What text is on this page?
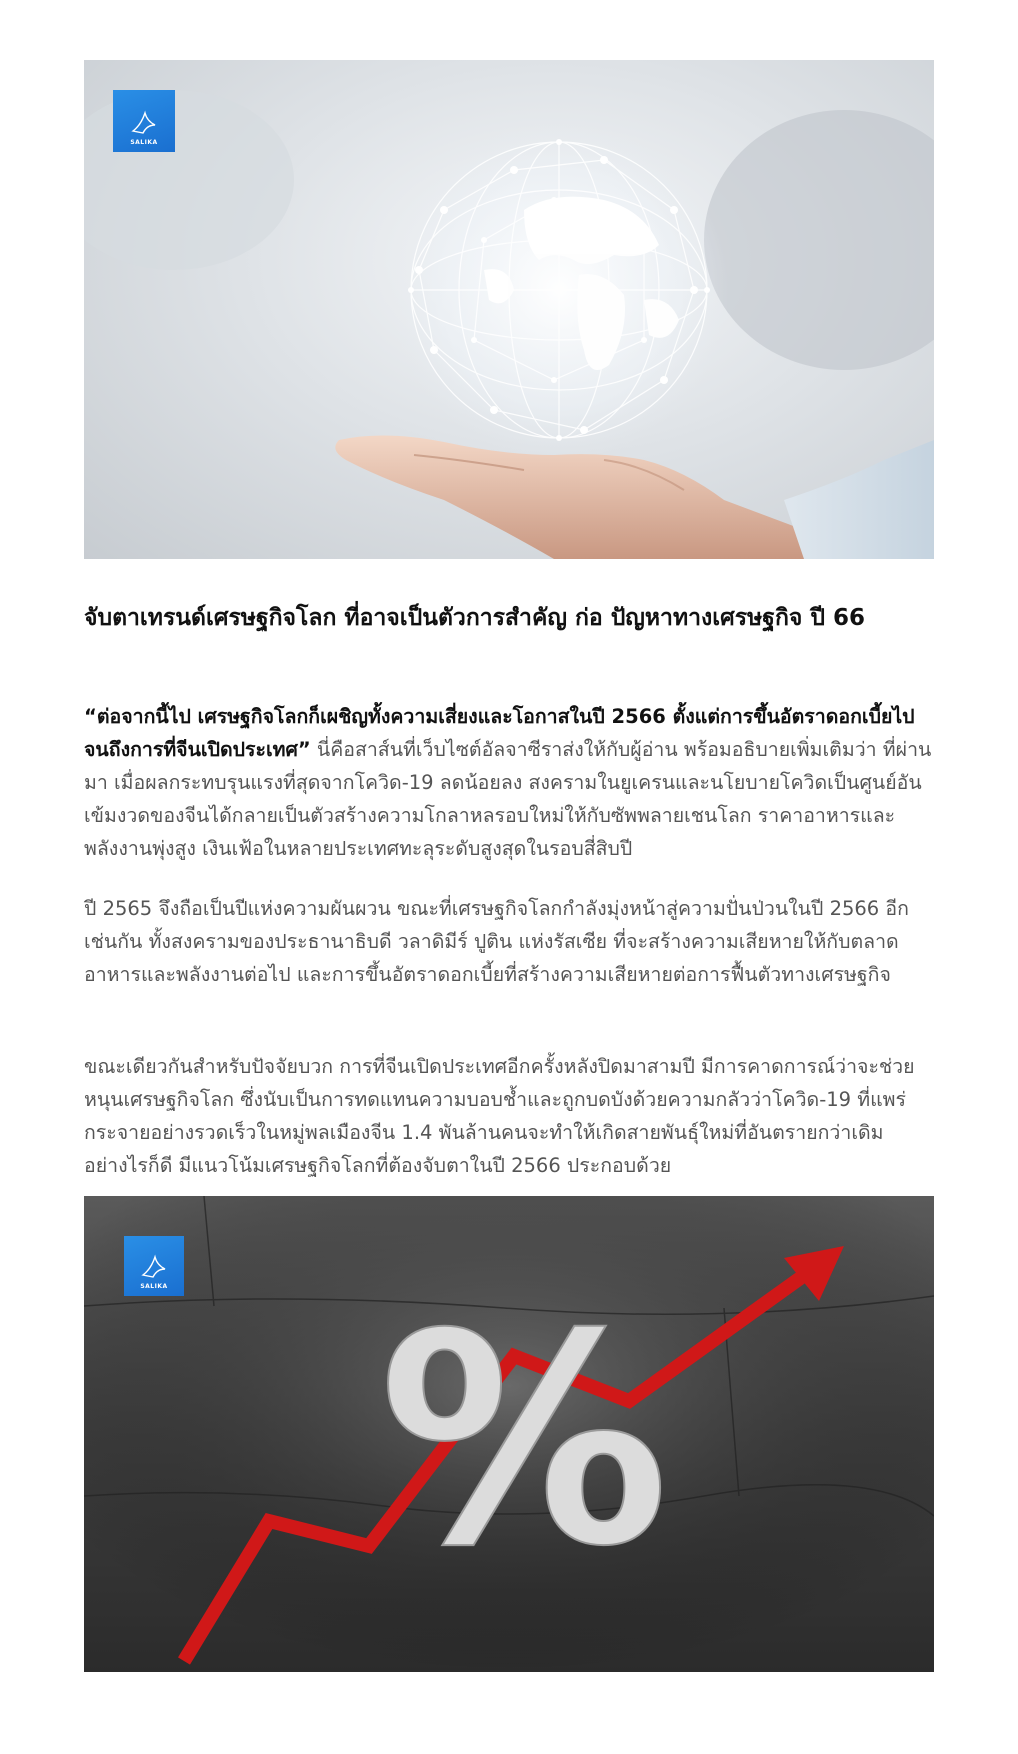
SALIKA
จับตาเทรนด์เศรษฐกิจโลก ที่อาจเป็นตัวการสำคัญ ก่อ ปัญหาทางเศรษฐกิจ ปี 66

“ต่อจากนี้ไป เศรษฐกิจโลกก็เผชิญทั้งความเสี่ยงและโอกาสในปี 2566 ตั้งแต่การขึ้นอัตราดอกเบี้ยไปจนถึงการที่จีนเปิดประเทศ” นี่คือสาส์นที่เว็บไซต์อัลจาซีราส่งให้กับผู้อ่าน พร้อมอธิบายเพิ่มเติมว่า ที่ผ่านมา เมื่อผลกระทบรุนแรงที่สุดจากโควิด-19 ลดน้อยลง สงครามในยูเครนและนโยบายโควิดเป็นศูนย์อันเข้มงวดของจีนได้กลายเป็นตัวสร้างความโกลาหลรอบใหม่ให้กับซัพพลายเชนโลก ราคาอาหารและพลังงานพุ่งสูง เงินเฟ้อในหลายประเทศทะลุระดับสูงสุดในรอบสี่สิบปี

ปี 2565 จึงถือเป็นปีแห่งความผันผวน ขณะที่เศรษฐกิจโลกกำลังมุ่งหน้าสู่ความปั่นป่วนในปี 2566 อีกเช่นกัน ทั้งสงครามของประธานาธิบดี วลาดิมีร์ ปูติน แห่งรัสเซีย ที่จะสร้างความเสียหายให้กับตลาดอาหารและพลังงานต่อไป และการขึ้นอัตราดอกเบี้ยที่สร้างความเสียหายต่อการฟื้นตัวทางเศรษฐกิจ

ขณะเดียวกันสำหรับปัจจัยบวก การที่จีนเปิดประเทศอีกครั้งหลังปิดมาสามปี มีการคาดการณ์ว่าจะช่วยหนุนเศรษฐกิจโลก ซึ่งนับเป็นการทดแทนความบอบช้ำและถูกบดบังด้วยความกลัวว่าโควิด-19 ที่แพร่กระจายอย่างรวดเร็วในหมู่พลเมืองจีน 1.4 พันล้านคนจะทำให้เกิดสายพันธุ์ใหม่ที่อันตรายกว่าเดิม อย่างไรก็ดี มีแนวโน้มเศรษฐกิจโลกที่ต้องจับตาในปี 2566 ประกอบด้วย

%
SALIKA
